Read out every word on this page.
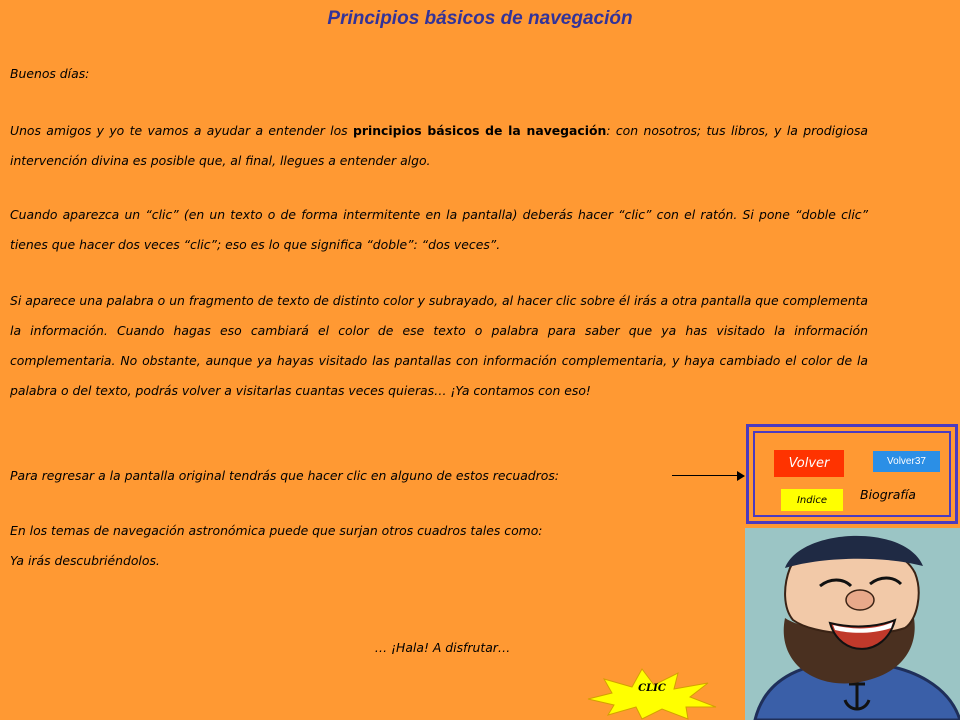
Principios básicos de navegación
Buenos días:
Unos amigos y yo te vamos a ayudar a entender los principios básicos de la navegación: con nosotros; tus libros, y la prodigiosa intervención divina es posible que, al final, llegues a entender algo.
Cuando aparezca un “clic” (en un texto o de forma intermitente en la pantalla) deberás hacer “clic” con el ratón. Si pone “doble clic” tienes que hacer dos veces “clic”; eso es lo que significa “doble”: “dos veces”.
Si aparece una palabra o un fragmento de texto de distinto color y subrayado, al hacer clic sobre él irás a otra pantalla que complementa la información. Cuando hagas eso cambiará el color de ese texto o palabra para saber que ya has visitado la información complementaria. No obstante, aunque ya hayas visitado las pantallas con información complementaria, y haya cambiado el color de la palabra o del texto, podrás volver a visitarlas cuantas veces quieras… ¡Ya contamos con eso!
Para regresar a la pantalla original tendrás que hacer clic en alguno de estos recuadros:
En los temas de navegación astronómica puede que surjan otros cuadros tales como:
Ya irás descubriéndolos.
Volver	Volver37
Indice	Biografía
… ¡Hala! A disfrutar…
CLIC
